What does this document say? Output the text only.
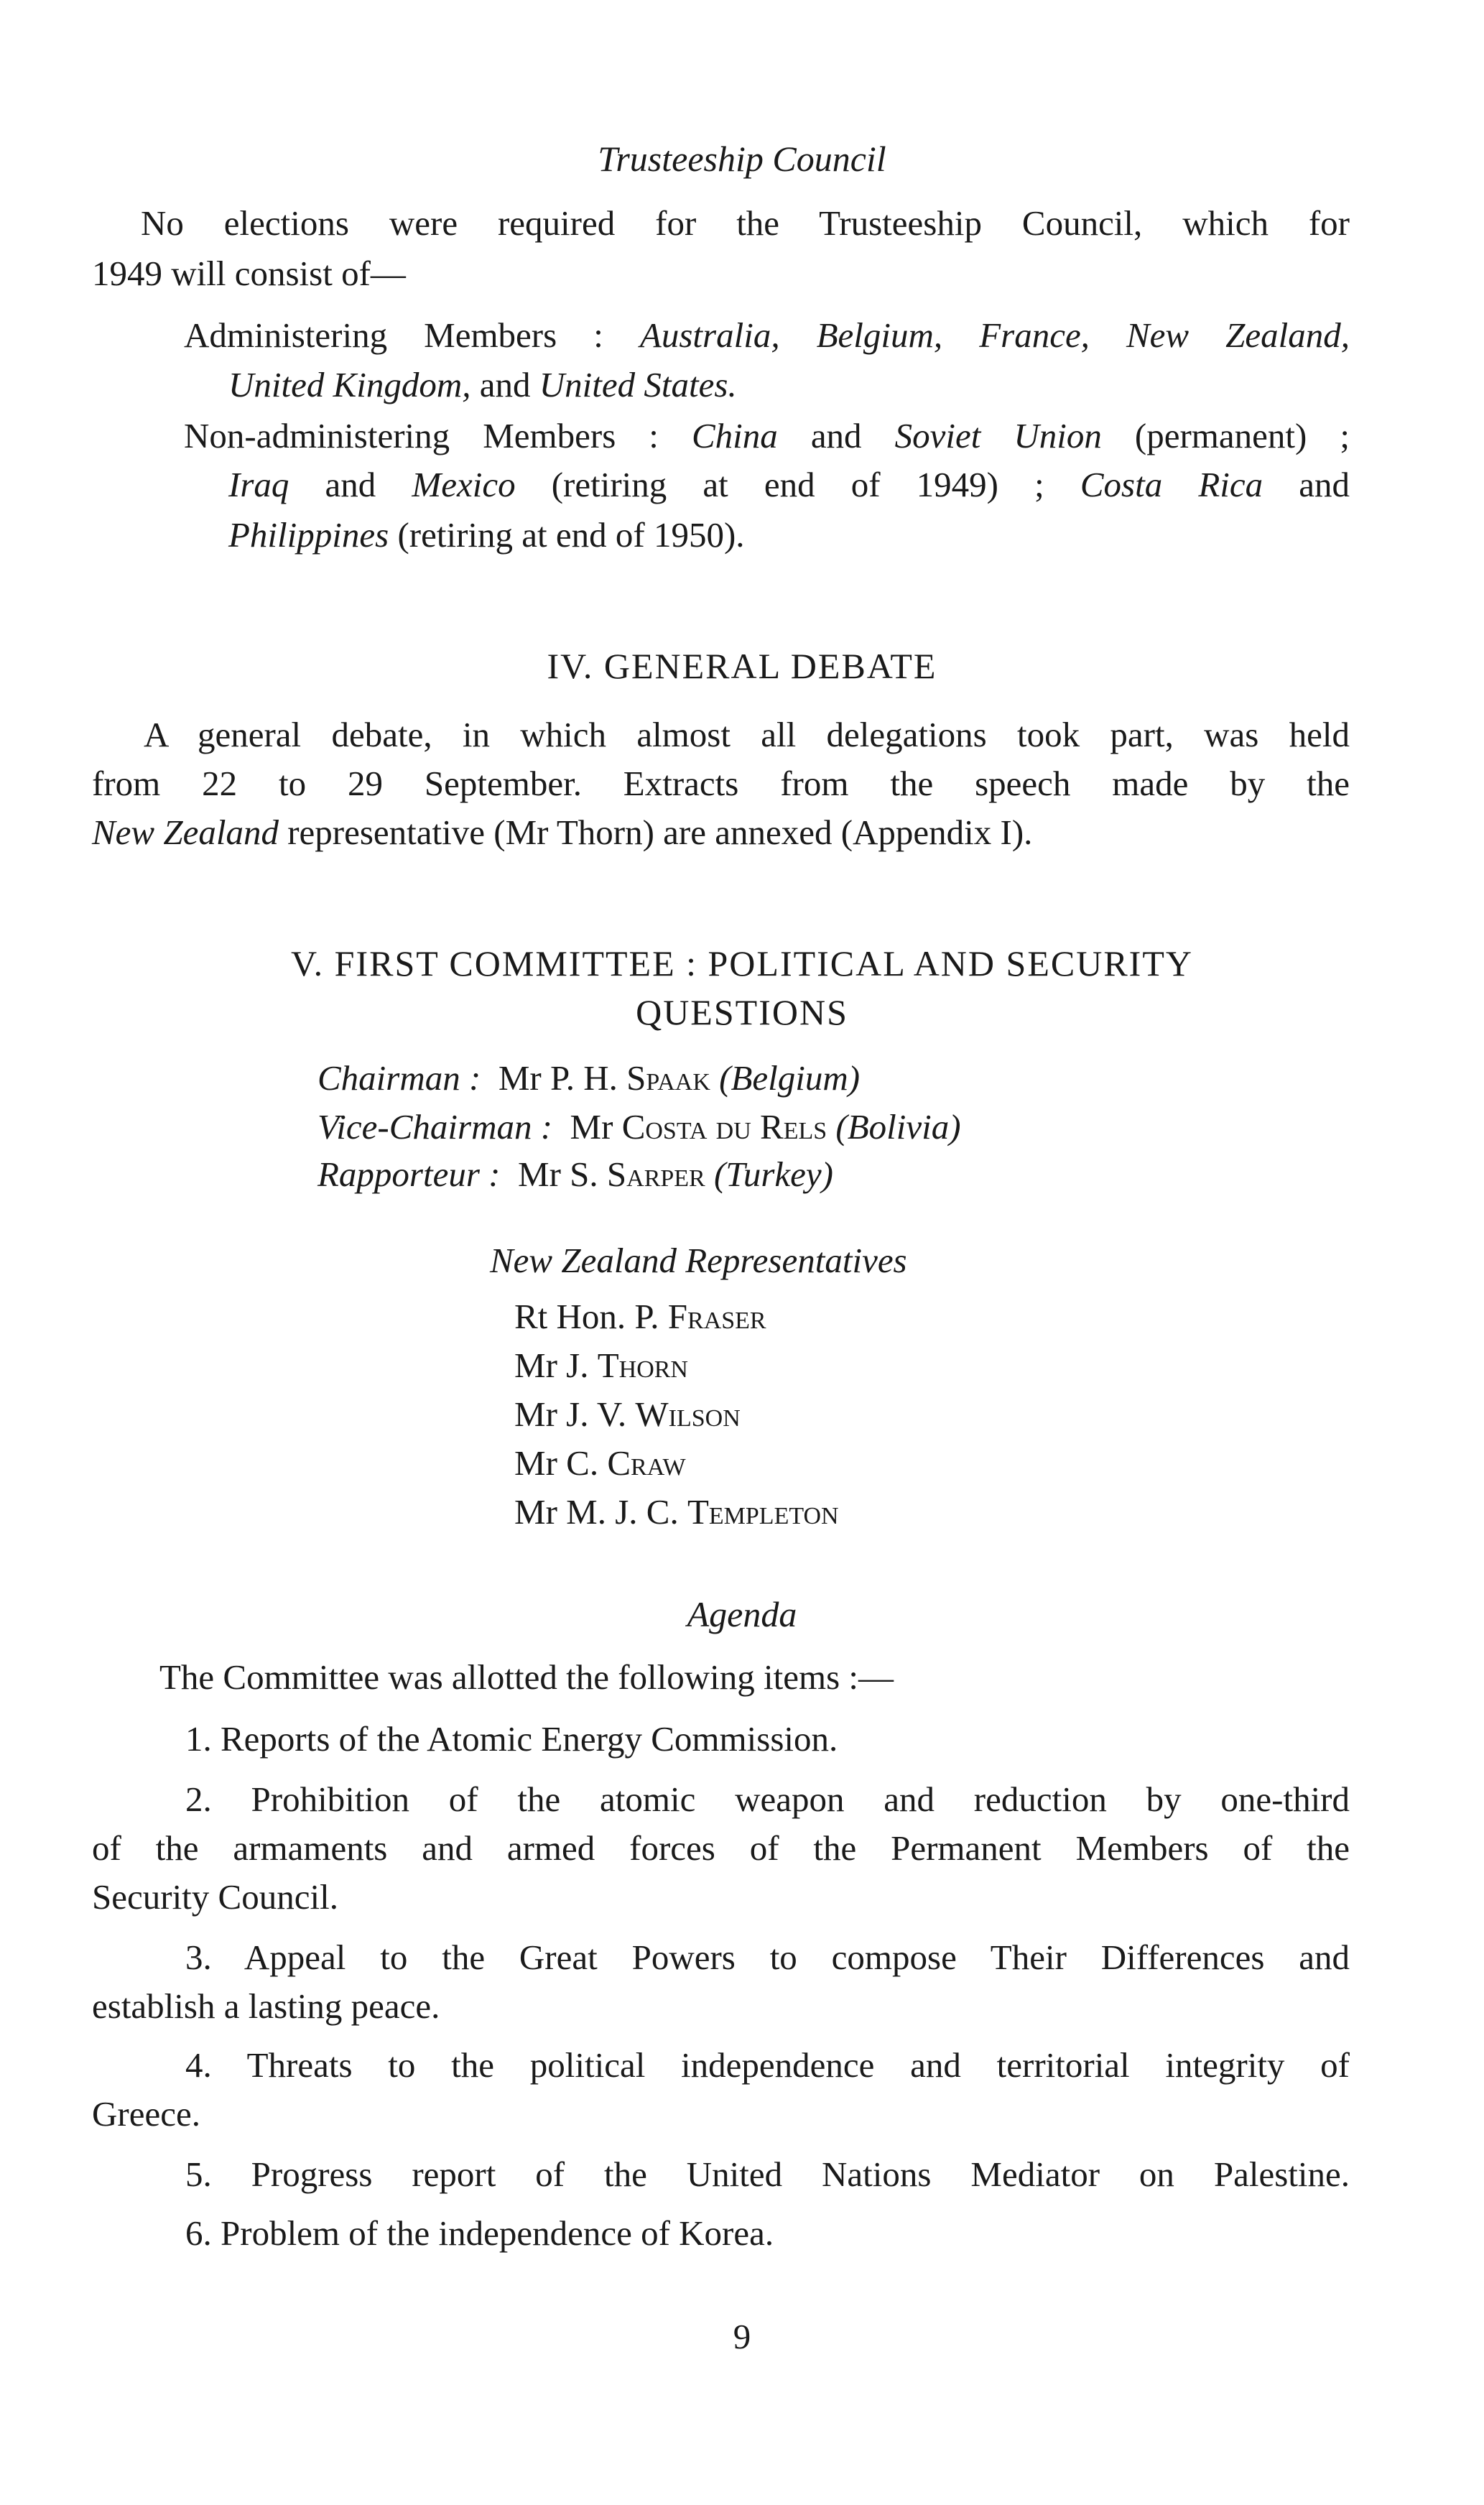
Trusteeship Council
No elections were required for the Trusteeship Council, which for
1949 will consist of—
Administering Members : Australia, Belgium, France, New Zealand,
United Kingdom, and United States.
Non-administering Members : China and Soviet Union (permanent) ;
Iraq and Mexico (retiring at end of 1949) ; Costa Rica and
Philippines (retiring at end of 1950).
IV. GENERAL DEBATE
A general debate, in which almost all delegations took part, was held
from 22 to 29 September. Extracts from the speech made by the
New Zealand representative (Mr Thorn) are annexed (Appendix I).
V. FIRST COMMITTEE : POLITICAL AND SECURITY
QUESTIONS
Chairman : Mr P. H. Spaak (Belgium)
Vice-Chairman : Mr Costa du Rels (Bolivia)
Rapporteur : Mr S. Sarper (Turkey)
New Zealand Representatives
Rt Hon. P. Fraser
Mr J. Thorn
Mr J. V. Wilson
Mr C. Craw
Mr M. J. C. Templeton
Agenda
The Committee was allotted the following items :—
1. Reports of the Atomic Energy Commission.
2. Prohibition of the atomic weapon and reduction by one-third
of the armaments and armed forces of the Permanent Members of the
Security Council.
3. Appeal to the Great Powers to compose Their Differences and
establish a lasting peace.
4. Threats to the political independence and territorial integrity of
Greece.
5. Progress report of the United Nations Mediator on Palestine.
6. Problem of the independence of Korea.
9
